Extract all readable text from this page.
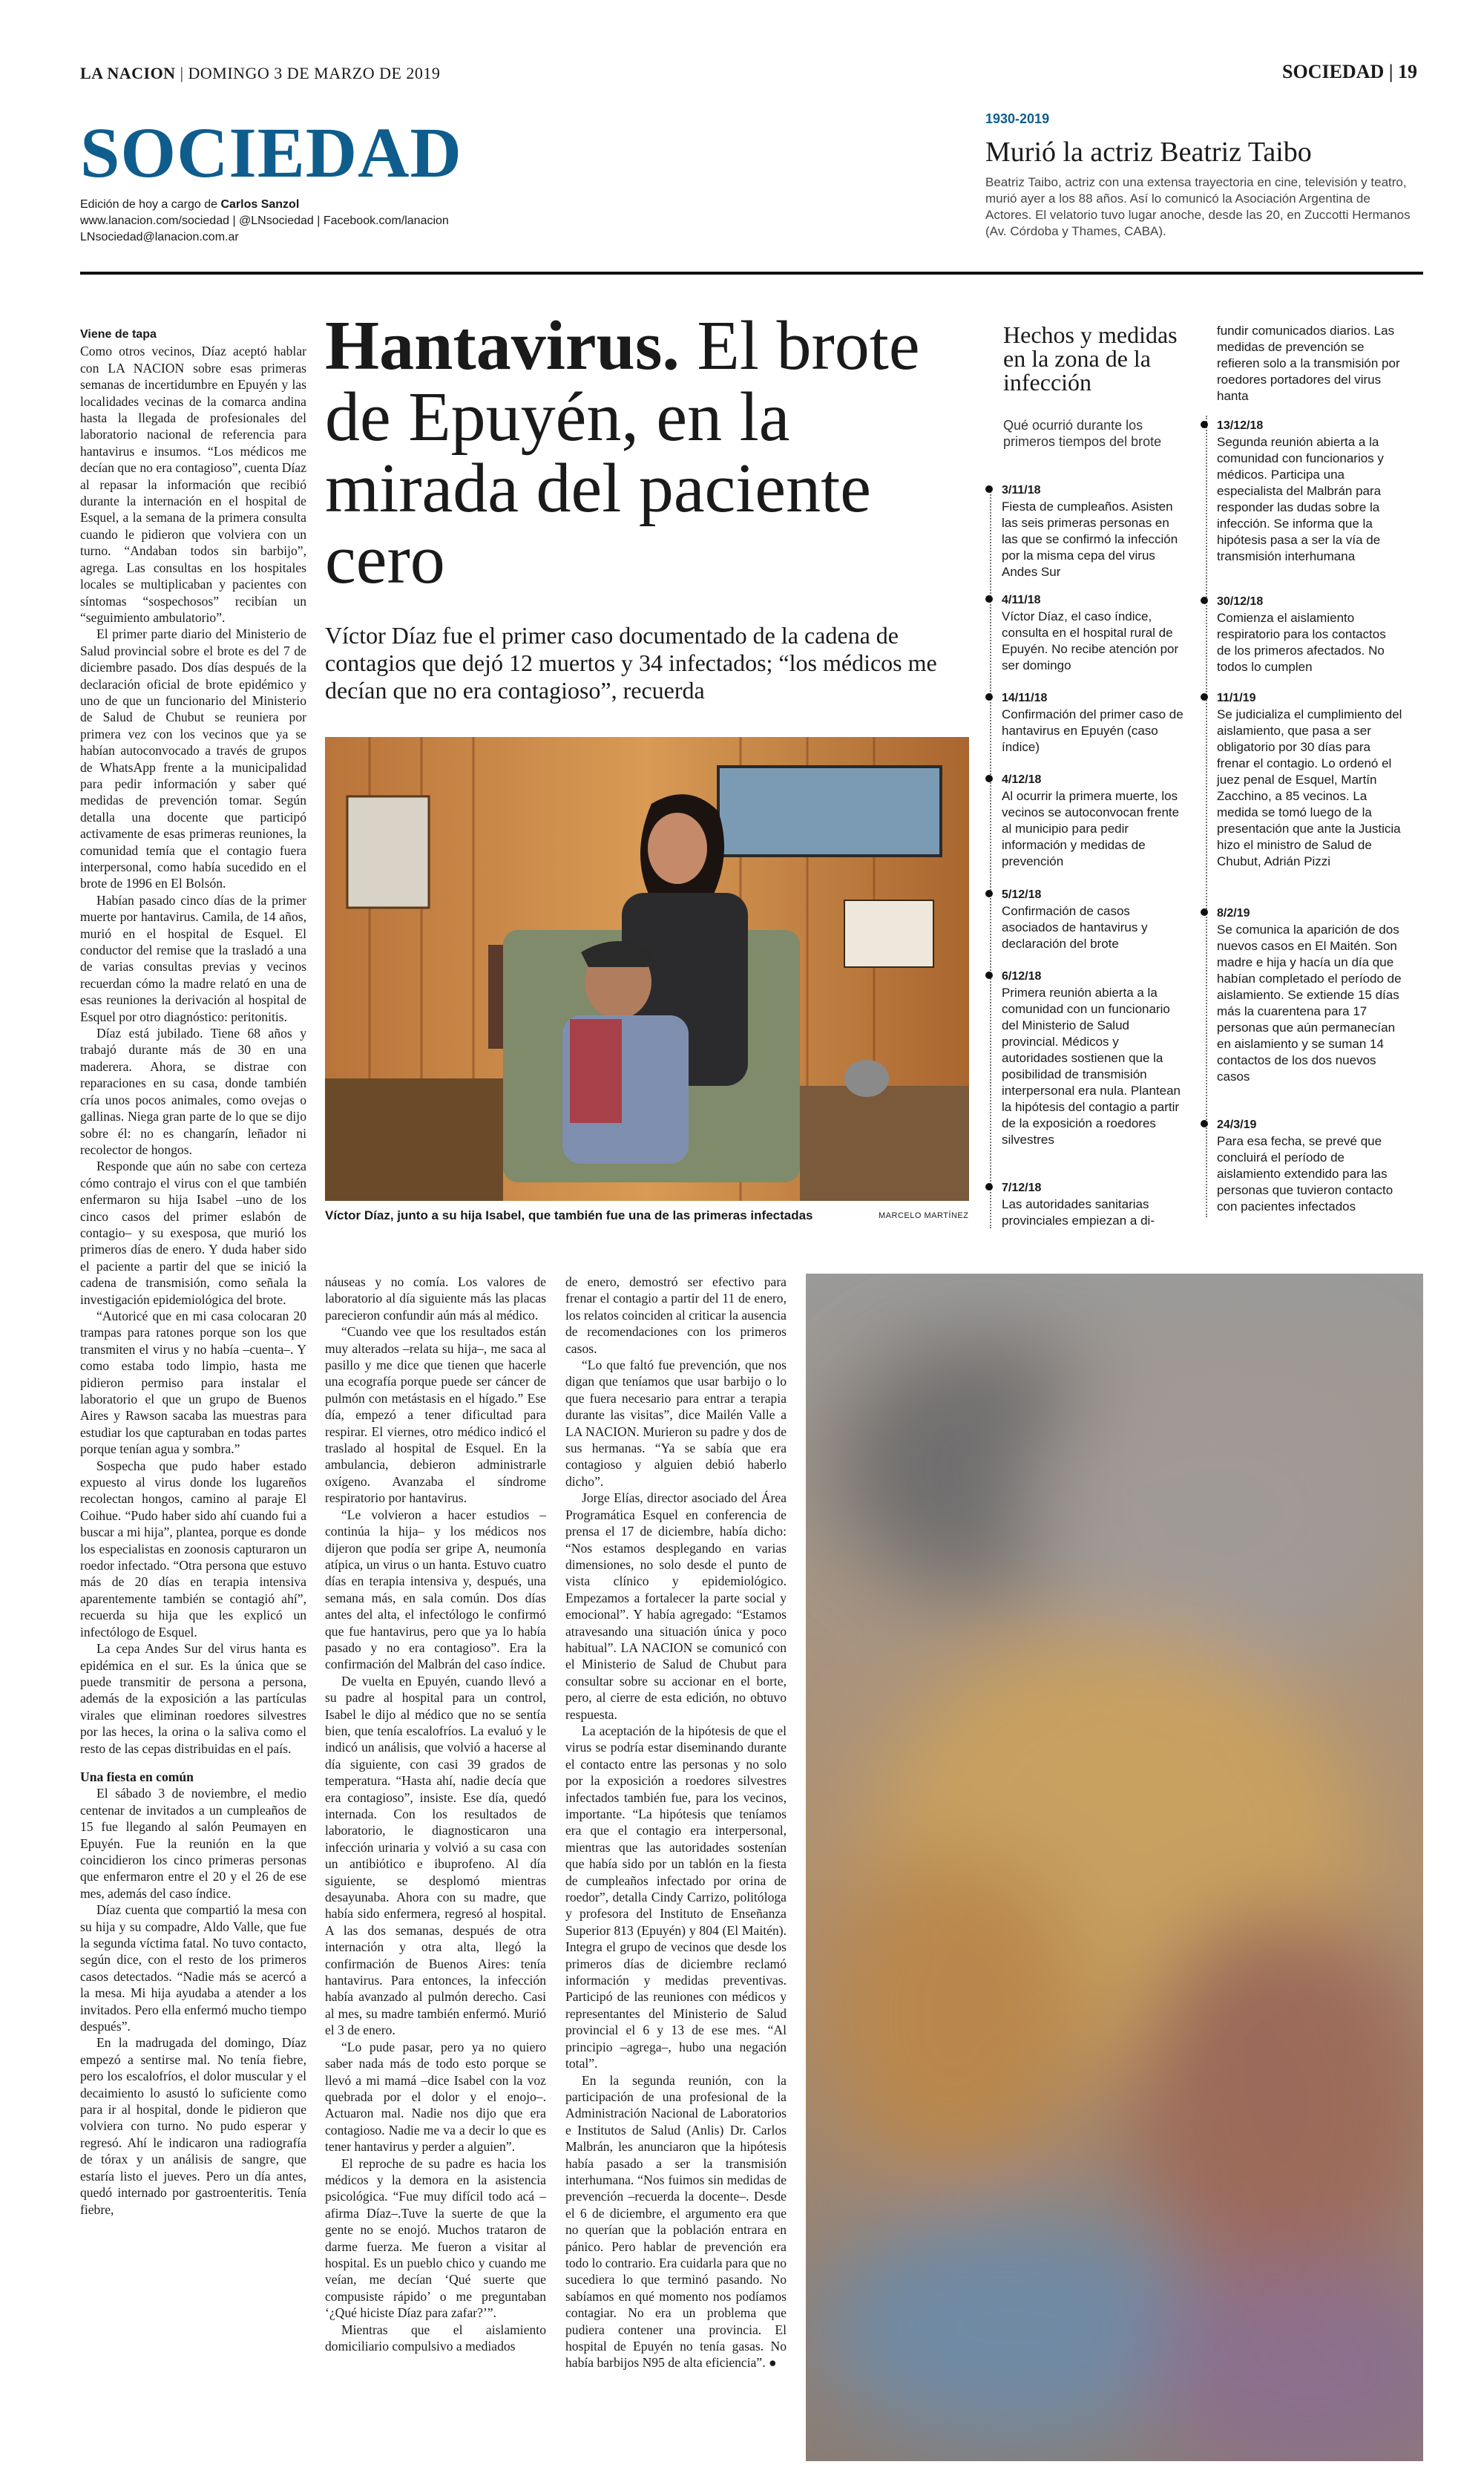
LA NACION | DOMINGO 3 DE MARZO DE 2019	SOCIEDAD | 19
SOCIEDAD
Edición de hoy a cargo de Carlos Sanzol
www.lanacion.com/sociedad | @LNsociedad | Facebook.com/lanacion
LNsociedad@lanacion.com.ar
1930-2019
Murió la actriz Beatriz Taibo
Beatriz Taibo, actriz con una extensa trayectoria en cine, televisión y teatro, murió ayer a los 88 años. Así lo comunicó la Asociación Argentina de Actores. El velatorio tuvo lugar anoche, desde las 20, en Zuccotti Hermanos (Av. Córdoba y Thames, CABA).

Viene de tapa

Como otros vecinos, Díaz aceptó hablar con LA NACION sobre esas primeras semanas de incertidumbre en Epuyén y las localidades vecinas de la comarca andina hasta la llegada de profesionales del laboratorio nacional de referencia para hantavirus e insumos. “Los médicos me decían que no era contagioso”, cuenta Díaz al repasar la información que recibió durante la internación en el hospital de Esquel, a la semana de la primera consulta cuando le pidieron que volviera con un turno. “Andaban todos sin barbijo”, agrega. Las consultas en los hospitales locales se multiplicaban y pacientes con síntomas “sospechosos” recibían un “seguimiento ambulatorio”.

El primer parte diario del Ministerio de Salud provincial sobre el brote es del 7 de diciembre pasado. Dos días después de la declaración oficial de brote epidémico y uno de que un funcionario del Ministerio de Salud de Chubut se reuniera por primera vez con los vecinos que ya se habían autoconvocado a través de grupos de WhatsApp frente a la municipalidad para pedir información y saber qué medidas de prevención tomar. Según detalla una docente que participó activamente de esas primeras reuniones, la comunidad temía que el contagio fuera interpersonal, como había sucedido en el brote de 1996 en El Bolsón.

Habían pasado cinco días de la primer muerte por hantavirus. Camila, de 14 años, murió en el hospital de Esquel. El conductor del remise que la trasladó a una de varias consultas previas y vecinos recuerdan cómo la madre relató en una de esas reuniones la derivación al hospital de Esquel por otro diagnóstico: peritonitis.

Díaz está jubilado. Tiene 68 años y trabajó durante más de 30 en una maderera. Ahora, se distrae con reparaciones en su casa, donde también cría unos pocos animales, como ovejas o gallinas. Niega gran parte de lo que se dijo sobre él: no es changarín, leñador ni recolector de hongos.

Responde que aún no sabe con certeza cómo contrajo el virus con el que también enfermaron su hija Isabel –uno de los cinco casos del primer eslabón de contagio– y su exesposa, que murió los primeros días de enero. Y duda haber sido el paciente a partir del que se inició la cadena de transmisión, como señala la investigación epidemiológica del brote.

“Autoricé que en mi casa colocaran 20 trampas para ratones porque son los que transmiten el virus y no había –cuenta–. Y como estaba todo limpio, hasta me pidieron permiso para instalar el laboratorio el que un grupo de Buenos Aires y Rawson sacaba las muestras para estudiar los que capturaban en todas partes porque tenían agua y sombra.”

Sospecha que pudo haber estado expuesto al virus donde los lugareños recolectan hongos, camino al paraje El Coihue. “Pudo haber sido ahí cuando fui a buscar a mi hija”, plantea, porque es donde los especialistas en zoonosis capturaron un roedor infectado. “Otra persona que estuvo más de 20 días en terapia intensiva aparentemente también se contagió ahí”, recuerda su hija que les explicó un infectólogo de Esquel.

La cepa Andes Sur del virus hanta es epidémica en el sur. Es la única que se puede transmitir de persona a persona, además de la exposición a las partículas virales que eliminan roedores silvestres por las heces, la orina o la saliva como el resto de las cepas distribuidas en el país.

Una fiesta en común

El sábado 3 de noviembre, el medio centenar de invitados a un cumpleaños de 15 fue llegando al salón Peumayen en Epuyén. Fue la reunión en la que coincidieron los cinco primeras personas que enfermaron entre el 20 y el 26 de ese mes, además del caso índice.

Díaz cuenta que compartió la mesa con su hija y su compadre, Aldo Valle, que fue la segunda víctima fatal. No tuvo contacto, según dice, con el resto de los primeros casos detectados. “Nadie más se acercó a la mesa. Mi hija ayudaba a atender a los invitados. Pero ella enfermó mucho tiempo después”.

En la madrugada del domingo, Díaz empezó a sentirse mal. No tenía fiebre, pero los escalofríos, el dolor muscular y el decaimiento lo asustó lo suficiente como para ir al hospital, donde le pidieron que volviera con turno. No pudo esperar y regresó. Ahí le indicaron una radiografía de tórax y un análisis de sangre, que estaría listo el jueves. Pero un día antes, quedó internado por gastroenteritis. Tenía fiebre,

Hantavirus. El brote de Epuyén, en la mirada del paciente cero
Víctor Díaz fue el primer caso documentado de la cadena de contagios que dejó 12 muertos y 34 infectados; “los médicos me decían que no era contagioso”, recuerda
Víctor Díaz, junto a su hija Isabel, que también fue una de las primeras infectadas	MARCELO MARTÍNEZ

náuseas y no comía. Los valores de laboratorio al día siguiente más las placas parecieron confundir aún más al médico.

“Cuando vee que los resultados están muy alterados –relata su hija–, me saca al pasillo y me dice que tienen que hacerle una ecografía porque puede ser cáncer de pulmón con metástasis en el hígado.” Ese día, empezó a tener dificultad para respirar. El viernes, otro médico indicó el traslado al hospital de Esquel. En la ambulancia, debieron administrarle oxígeno. Avanzaba el síndrome respiratorio por hantavirus.

“Le volvieron a hacer estudios –continúa la hija– y los médicos nos dijeron que podía ser gripe A, neumonía atípica, un virus o un hanta. Estuvo cuatro días en terapia intensiva y, después, una semana más, en sala común. Dos días antes del alta, el infectólogo le confirmó que fue hantavirus, pero que ya lo había pasado y no era contagioso”. Era la confirmación del Malbrán del caso índice.

De vuelta en Epuyén, cuando llevó a su padre al hospital para un control, Isabel le dijo al médico que no se sentía bien, que tenía escalofríos. La evaluó y le indicó un análisis, que volvió a hacerse al día siguiente, con casi 39 grados de temperatura. “Hasta ahí, nadie decía que era contagioso”, insiste. Ese día, quedó internada. Con los resultados de laboratorio, le diagnosticaron una infección urinaria y volvió a su casa con un antibiótico e ibuprofeno. Al día siguiente, se desplomó mientras desayunaba. Ahora con su madre, que había sido enfermera, regresó al hospital. A las dos semanas, después de otra internación y otra alta, llegó la confirmación de Buenos Aires: tenía hantavirus. Para entonces, la infección había avanzado al pulmón derecho. Casi al mes, su madre también enfermó. Murió el 3 de enero.

“Lo pude pasar, pero ya no quiero saber nada más de todo esto porque se llevó a mi mamá –dice Isabel con la voz quebrada por el dolor y el enojo–. Actuaron mal. Nadie nos dijo que era contagioso. Nadie me va a decir lo que es tener hantavirus y perder a alguien”.

El reproche de su padre es hacia los médicos y la demora en la asistencia psicológica. “Fue muy difícil todo acá –afirma Díaz–.Tuve la suerte de que la gente no se enojó. Muchos trataron de darme fuerza. Me fueron a visitar al hospital. Es un pueblo chico y cuando me veían, me decían ‘Qué suerte que compusiste rápido’ o me preguntaban ‘¿Qué hiciste Díaz para zafar?’”.

Mientras que el aislamiento domiciliario compulsivo a mediados

de enero, demostró ser efectivo para frenar el contagio a partir del 11 de enero, los relatos coinciden al criticar la ausencia de recomendaciones con los primeros casos.

“Lo que faltó fue prevención, que nos digan que teníamos que usar barbijo o lo que fuera necesario para entrar a terapia durante las visitas”, dice Mailén Valle a LA NACION. Murieron su padre y dos de sus hermanas. “Ya se sabía que era contagioso y alguien debió haberlo dicho”.

Jorge Elías, director asociado del Área Programática Esquel en conferencia de prensa el 17 de diciembre, había dicho: “Nos estamos desplegando en varias dimensiones, no solo desde el punto de vista clínico y epidemiológico. Empezamos a fortalecer la parte social y emocional”. Y había agregado: “Estamos atravesando una situación única y poco habitual”. LA NACION se comunicó con el Ministerio de Salud de Chubut para consultar sobre su accionar en el borte, pero, al cierre de esta edición, no obtuvo respuesta.

La aceptación de la hipótesis de que el virus se podría estar diseminando durante el contacto entre las personas y no solo por la exposición a roedores silvestres infectados también fue, para los vecinos, importante. “La hipótesis que teníamos era que el contagio era interpersonal, mientras que las autoridades sostenían que había sido por un tablón en la fiesta de cumpleaños infectado por orina de roedor”, detalla Cindy Carrizo, politóloga y profesora del Instituto de Enseñanza Superior 813 (Epuyén) y 804 (El Maitén). Integra el grupo de vecinos que desde los primeros días de diciembre reclamó información y medidas preventivas. Participó de las reuniones con médicos y representantes del Ministerio de Salud provincial el 6 y 13 de ese mes. “Al principio –agrega–, hubo una negación total”.

En la segunda reunión, con la participación de una profesional de la Administración Nacional de Laboratorios e Institutos de Salud (Anlis) Dr. Carlos Malbrán, les anunciaron que la hipótesis había pasado a ser la transmisión interhumana. “Nos fuimos sin medidas de prevención –recuerda la docente–. Desde el 6 de diciembre, el argumento era que no querían que la población entrara en pánico. Pero hablar de prevención era todo lo contrario. Era cuidarla para que no sucediera lo que terminó pasando. No sabíamos en qué momento nos podíamos contagiar. No era un problema que pudiera contener una provincia. El hospital de Epuyén no tenía gasas. No había barbijos N95 de alta eficiencia”. ●

Hechos y medidas en la zona de la infección
Qué ocurrió durante los primeros tiempos del brote
3/11/18
Fiesta de cumpleaños. Asisten las seis primeras personas en las que se confirmó la infección por la misma cepa del virus Andes Sur
4/11/18
Víctor Díaz, el caso índice, consulta en el hospital rural de Epuyén. No recibe atención por ser domingo
14/11/18
Confirmación del primer caso de hantavirus en Epuyén (caso índice)
4/12/18
Al ocurrir la primera muerte, los vecinos se autoconvocan frente al municipio para pedir información y medidas de prevención
5/12/18
Confirmación de casos asociados de hantavirus y declaración del brote
6/12/18
Primera reunión abierta a la comunidad con un funcionario del Ministerio de Salud provincial. Médicos y autoridades sostienen que la posibilidad de transmisión interpersonal era nula. Plantean la hipótesis del contagio a partir de la exposición a roedores silvestres
7/12/18
Las autoridades sanitarias provinciales empiezan a di-
fundir comunicados diarios. Las medidas de prevención se refieren solo a la transmisión por roedores portadores del virus hanta
13/12/18
Segunda reunión abierta a la comunidad con funcionarios y médicos. Participa una especialista del Malbrán para responder las dudas sobre la infección. Se informa que la hipótesis pasa a ser la vía de transmisión interhumana
30/12/18
Comienza el aislamiento respiratorio para los contactos de los primeros afectados. No todos lo cumplen
11/1/19
Se judicializa el cumplimiento del aislamiento, que pasa a ser obligatorio por 30 días para frenar el contagio. Lo ordenó el juez penal de Esquel, Martín Zacchino, a 85 vecinos. La medida se tomó luego de la presentación que ante la Justicia hizo el ministro de Salud de Chubut, Adrián Pizzi
8/2/19
Se comunica la aparición de dos nuevos casos en El Maitén. Son madre e hija y hacía un día que habían completado el período de aislamiento. Se extiende 15 días más la cuarentena para 17 personas que aún permanecían en aislamiento y se suman 14 contactos de los dos nuevos casos
24/3/19
Para esa fecha, se prevé que concluirá el período de aislamiento extendido para las personas que tuvieron contacto con pacientes infectados
